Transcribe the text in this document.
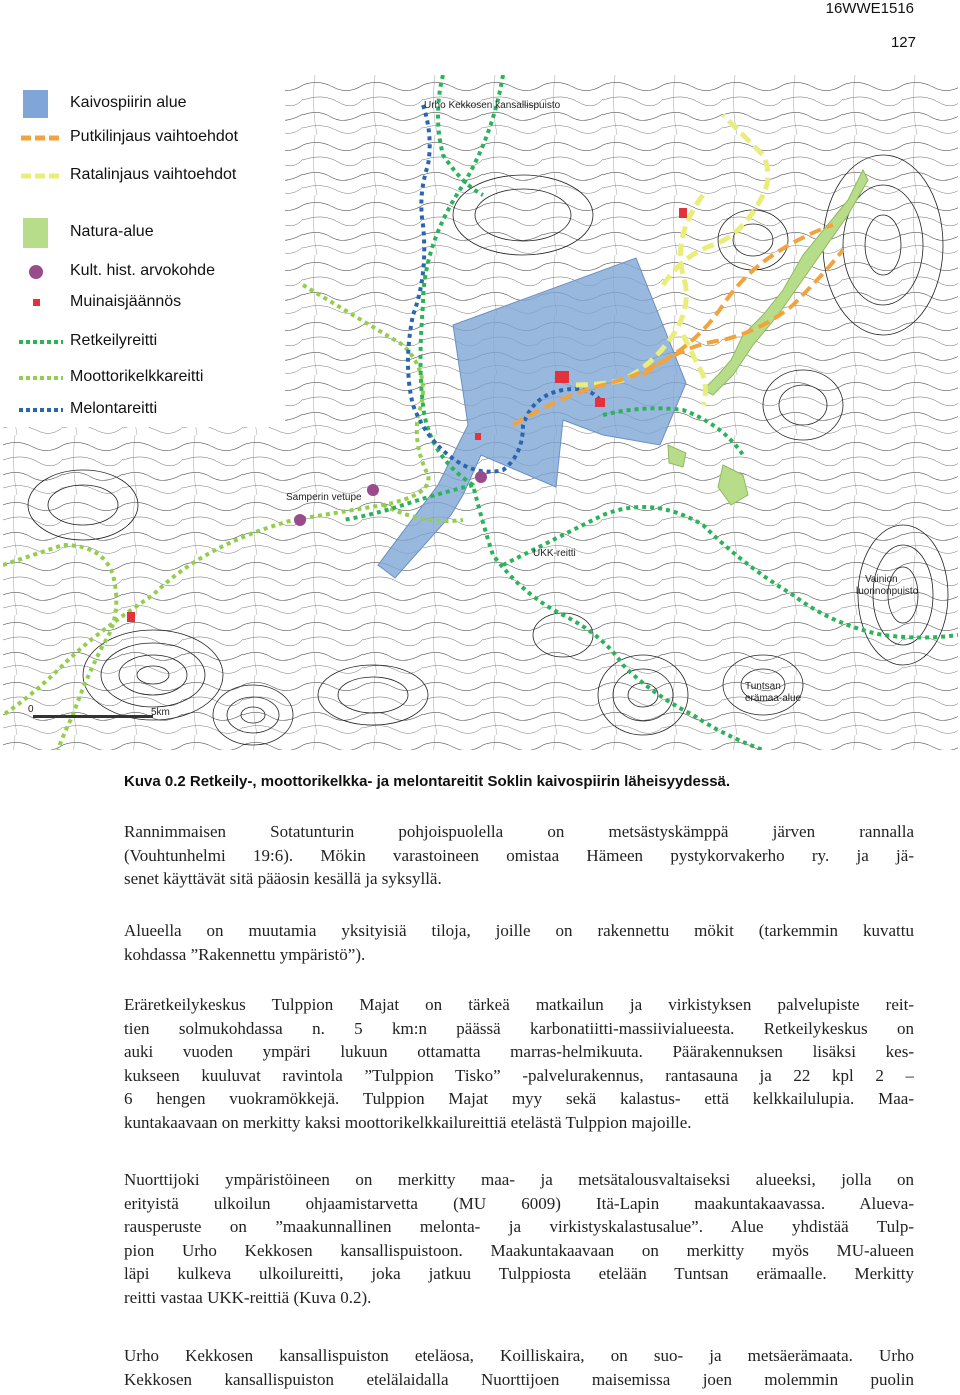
16WWE1516
127
Urho Kekkosen kansallispuisto
Samperin vetupe
UKK-reitti
Vainion
luonnonpuisto
Tuntsan
erämaa-alue
0	5km
Kaivospiirin alue
Putkilinjaus vaihtoehdot
Ratalinjaus vaihtoehdot
Natura-alue
Kult. hist. arvokohde
Muinaisjäännös
Retkeilyreitti
Moottorikelkkareitti
Melontareitti
Kuva 0.2 Retkeily-, moottorikelkka- ja melontareitit Soklin kaivospiirin läheisyydessä.
Rannimmaisen Sotatunturin pohjoispuolella on metsästyskämppä järven rannalla
(Vouhtunhelmi 19:6). Mökin varastoineen omistaa Hämeen pystykorvakerho ry. ja jä-
senet käyttävät sitä pääosin kesällä ja syksyllä.
Alueella on muutamia yksityisiä tiloja, joille on rakennettu mökit (tarkemmin kuvattu
kohdassa ”Rakennettu ympäristö”).
Eräretkeilykeskus Tulppion Majat on tärkeä matkailun ja virkistyksen palvelupiste reit-
tien solmukohdassa n. 5 km:n päässä karbonatiitti-massiivialueesta. Retkeilykeskus on
auki vuoden ympäri lukuun ottamatta marras-helmikuuta. Päärakennuksen lisäksi kes-
kukseen kuuluvat ravintola ”Tulppion Tisko” -palvelurakennus, rantasauna ja 22 kpl 2 –
6 hengen vuokramökkejä. Tulppion Majat myy sekä kalastus- että kelkkailulupia. Maa-
kuntakaavaan on merkitty kaksi moottorikelkkailureittiä etelästä Tulppion majoille.
Nuorttijoki ympäristöineen on merkitty maa- ja metsätalousvaltaiseksi alueeksi, jolla on
erityistä ulkoilun ohjaamistarvetta (MU 6009) Itä-Lapin maakuntakaavassa. Alueva-
rausperuste on ”maakunnallinen melonta- ja virkistyskalastusalue”. Alue yhdistää Tulp-
pion Urho Kekkosen kansallispuistoon. Maakuntakaavaan on merkitty myös MU-alueen
läpi kulkeva ulkoilureitti, joka jatkuu Tulppiosta etelään Tuntsan erämaalle. Merkitty
reitti vastaa UKK-reittiä (Kuva 0.2).
Urho Kekkosen kansallispuiston eteläosa, Koilliskaira, on suo- ja metsäerämaata. Urho
Kekkosen kansallispuiston etelälaidalla Nuorttijoen maisemissa joen molemmin puolin
